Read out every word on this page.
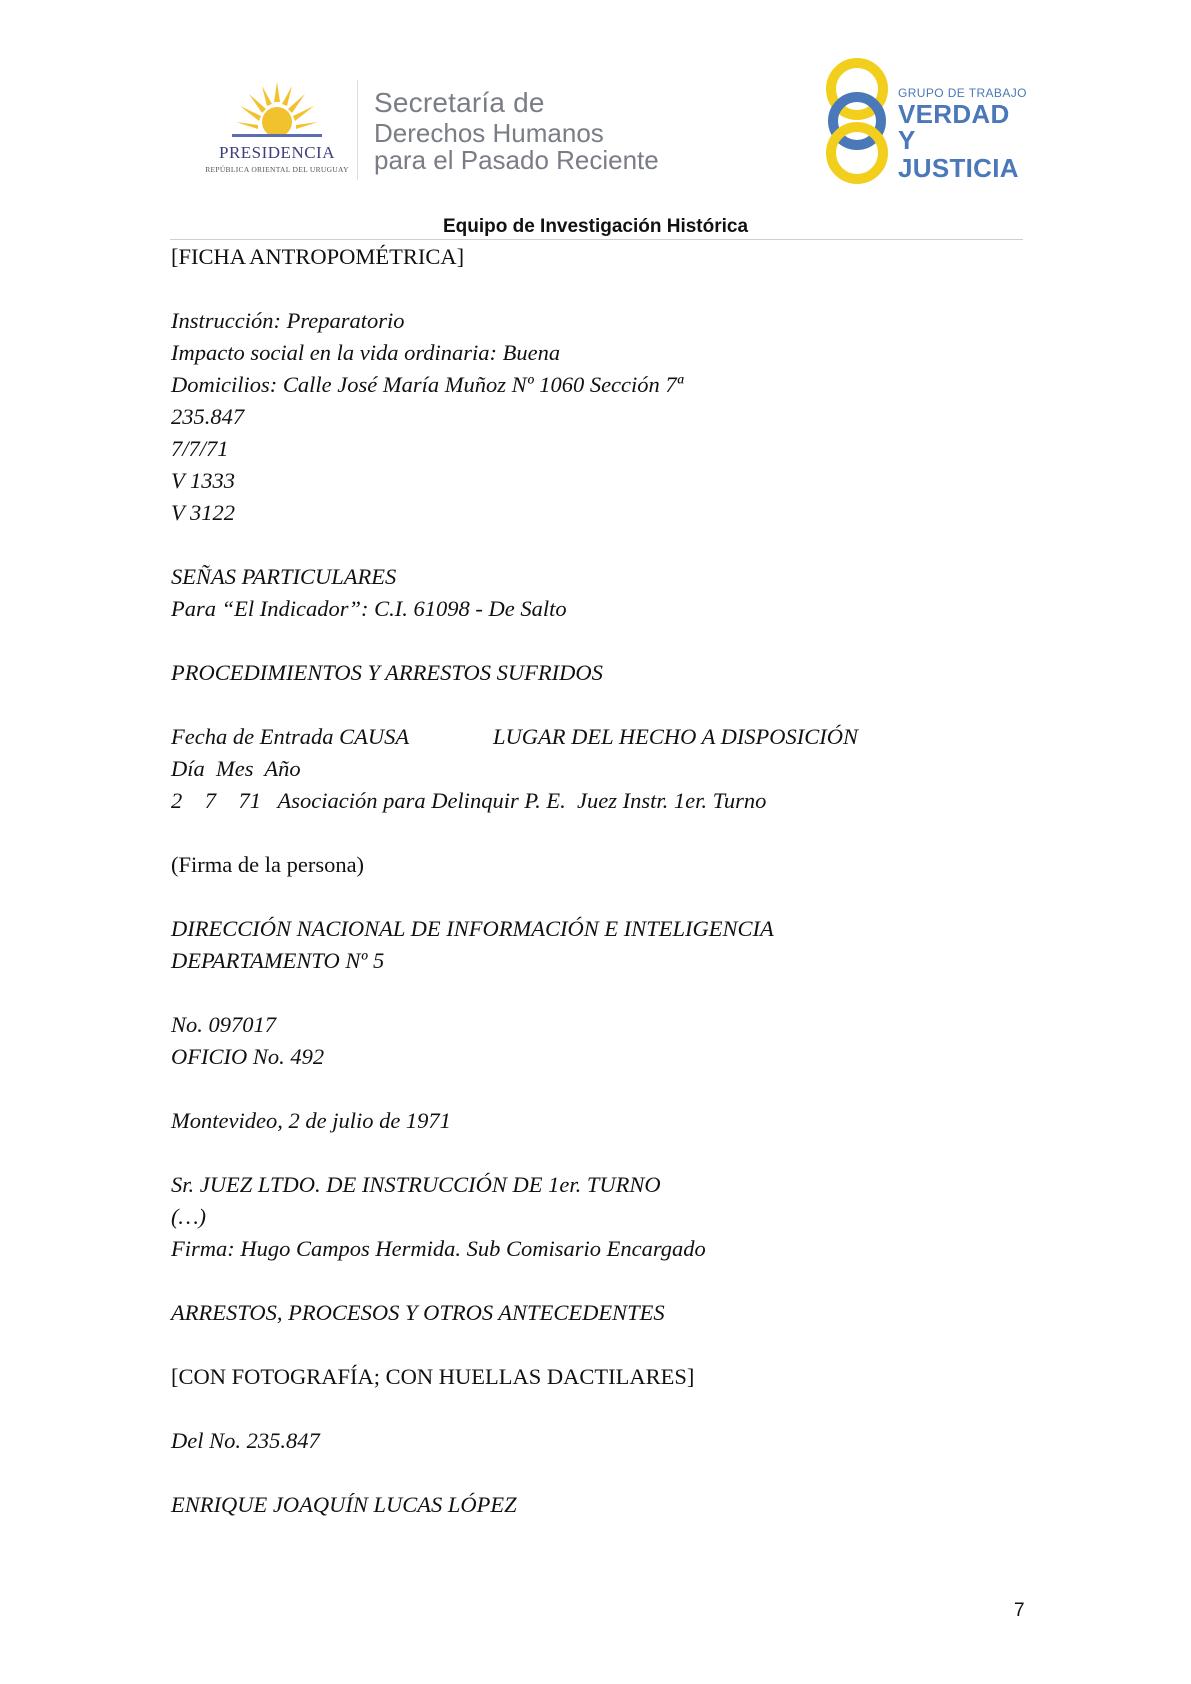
PRESIDENCIA
REPÚBLICA ORIENTAL DEL URUGUAY
Secretaría de
Derechos Humanos
para el Pasado Reciente
GRUPO DE TRABAJO
VERDAD Y
JUSTICIA
Equipo de Investigación Histórica
[FICHA ANTROPOMÉTRICA]
Instrucción: Preparatorio
Impacto social en la vida ordinaria: Buena
Domicilios: Calle José María Muñoz Nº 1060 Sección 7ª
235.847
7/7/71
V 1333
V 3122
SEÑAS PARTICULARES
Para “El Indicador”: C.I. 61098 - De Salto
PROCEDIMIENTOS Y ARRESTOS SUFRIDOS
Fecha de Entrada CAUSA               LUGAR DEL HECHO A DISPOSICIÓN
Día  Mes  Año
2    7    71   Asociación para Delinquir P. E.  Juez Instr. 1er. Turno
(Firma de la persona)
DIRECCIÓN NACIONAL DE INFORMACIÓN E INTELIGENCIA
DEPARTAMENTO Nº 5
No. 097017
OFICIO No. 492
Montevideo, 2 de julio de 1971
Sr. JUEZ LTDO. DE INSTRUCCIÓN DE 1er. TURNO
(…)
Firma: Hugo Campos Hermida. Sub Comisario Encargado
ARRESTOS, PROCESOS Y OTROS ANTECEDENTES
[CON FOTOGRAFÍA; CON HUELLAS DACTILARES]
Del No. 235.847
ENRIQUE JOAQUÍN LUCAS LÓPEZ
7
